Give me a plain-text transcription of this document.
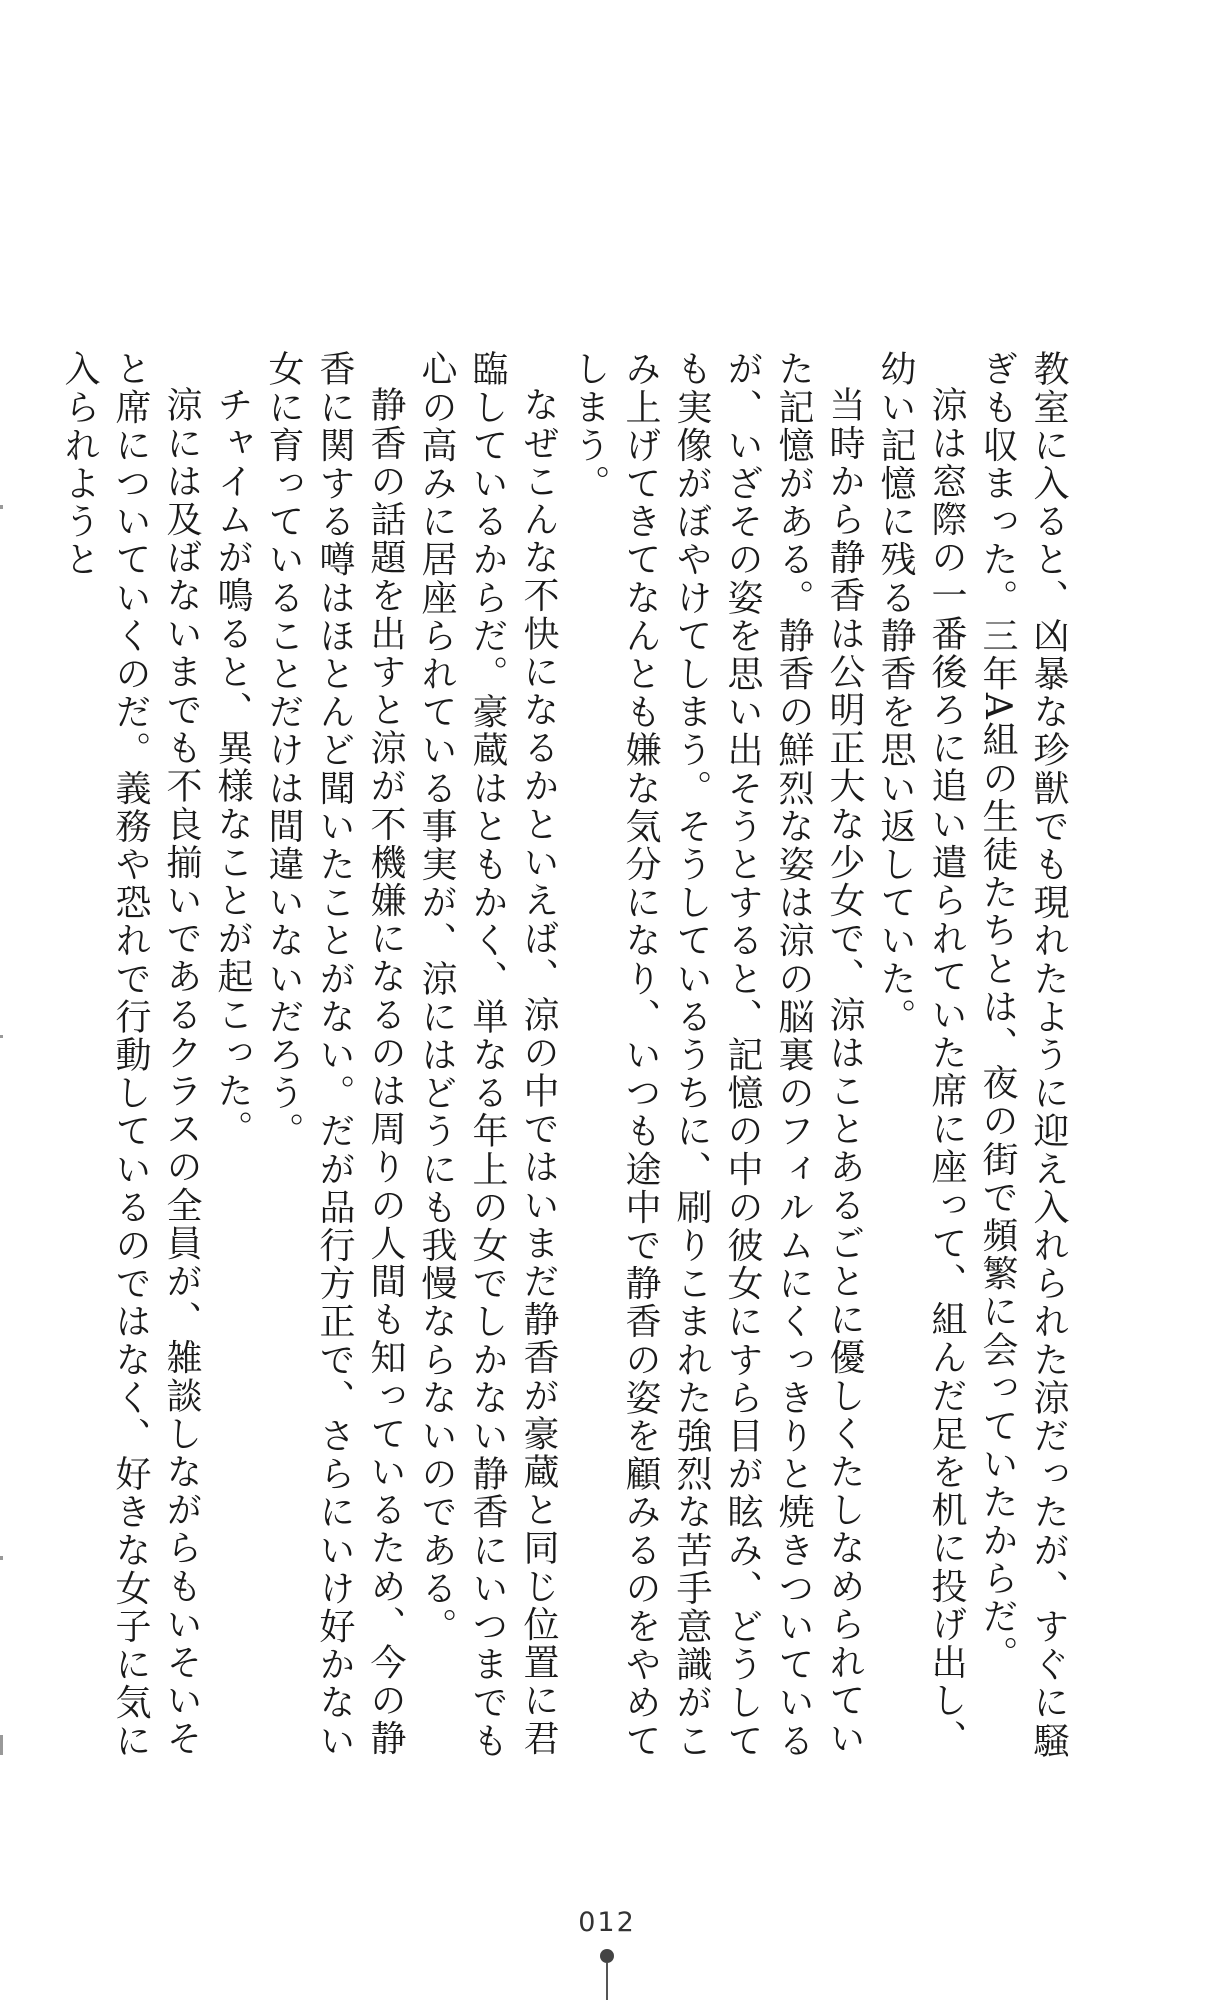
教室に入ると、凶暴な珍獣でも現れたように迎え入れられた涼だったが、すぐに騒ぎも収まった。三年A組の生徒たちとは、夜の街で頻繁に会っていたからだ。

涼は窓際の一番後ろに追い遣られていた席に座って、組んだ足を机に投げ出し、幼い記憶に残る静香を思い返していた。

当時から静香は公明正大な少女で、涼はことあるごとに優しくたしなめられていた記憶がある。静香の鮮烈な姿は涼の脳裏のフィルムにくっきりと焼きついているが、いざその姿を思い出そうとすると、記憶の中の彼女にすら目が眩み、どうしても実像がぼやけてしまう。そうしているうちに、刷りこまれた強烈な苦手意識がこみ上げてきてなんとも嫌な気分になり、いつも途中で静香の姿を顧みるのをやめてしまう。

なぜこんな不快になるかといえば、涼の中ではいまだ静香が豪蔵と同じ位置に君臨しているからだ。豪蔵はともかく、単なる年上の女でしかない静香にいつまでも心の高みに居座られている事実が、涼にはどうにも我慢ならないのである。

静香の話題を出すと涼が不機嫌になるのは周りの人間も知っているため、今の静香に関する噂はほとんど聞いたことがない。だが品行方正で、さらにいけ好かない女に育っていることだけは間違いないだろう。

チャイムが鳴ると、異様なことが起こった。

涼には及ばないまでも不良揃いであるクラスの全員が、雑談しながらもいそいそと席についていくのだ。義務や恐れで行動しているのではなく、好きな女子に気に入られようと

012
